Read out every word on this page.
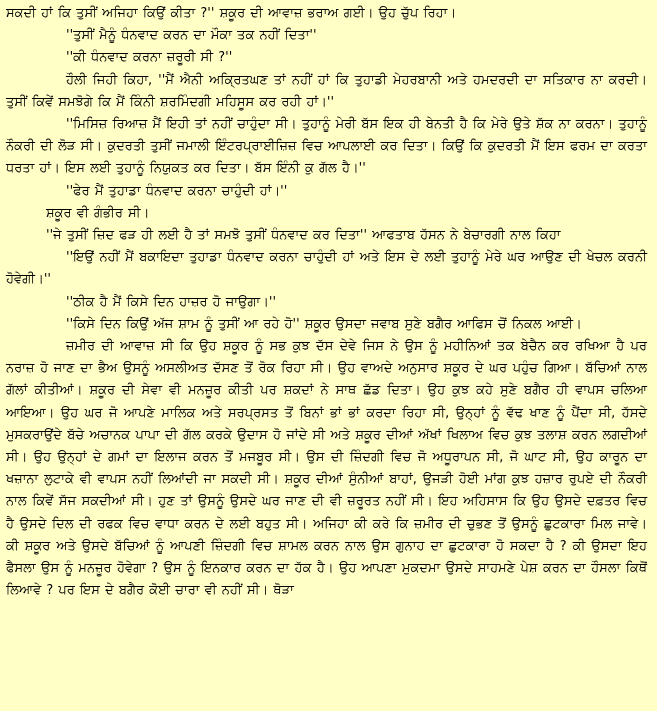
ਸਕਦੀ ਹਾਂ ਕਿ ਤੁਸੀਂ ਅਜਿਹਾ ਕਿਉਂ ਕੀਤਾ ?'' ਸ਼ਕੂਰ ਦੀ ਆਵਾਜ਼ ਭਰਾਅ ਗਈ। ਉਹ ਚੁੱਪ ਰਿਹਾ।

''ਤੁਸੀਂ ਮੈਨੂੰ ਧੰਨਵਾਦ ਕਰਨ ਦਾ ਮੌਕਾ ਤਕ ਨਹੀਂ ਦਿਤਾ''

''ਕੀ ਧੰਨਵਾਦ ਕਰਨਾ ਜ਼ਰੂਰੀ ਸੀ ?''

ਹੌਲੀ ਜਿਹੀ ਕਿਹਾ, ''ਮੈਂ ਐਨੀ ਅਕ੍ਰਿਤਘਣ ਤਾਂ ਨਹੀਂ ਹਾਂ ਕਿ ਤੁਹਾਡੀ ਮੇਹਰਬਾਨੀ ਅਤੇ ਹਮਦਰਦੀ ਦਾ ਸਤਿਕਾਰ ਨਾ ਕਰਦੀ। ਤੁਸੀਂ ਕਿਵੇਂ ਸਮਝੋਗੇ ਕਿ ਮੈਂ ਕਿੰਨੀ ਸ਼ਰਮਿੰਦਗੀ ਮਹਿਸੂਸ ਕਰ ਰਹੀ ਹਾਂ।''

''ਮਿਸਿਜ਼ ਰਿਆਜ਼ ਮੈਂ ਇਹੀ ਤਾਂ ਨਹੀਂ ਚਾਹੁੰਦਾ ਸੀ। ਤੁਹਾਨੂੰ ਮੇਰੀ ਬੱਸ ਇਕ ਹੀ ਬੇਨਤੀ ਹੈ ਕਿ ਮੇਰੇ ਉਤੇ ਸ਼ੱਕ ਨਾ ਕਰਨਾ। ਤੁਹਾਨੂੰ ਨੌਕਰੀ ਦੀ ਲੋੜ ਸੀ। ਕੁਦਰਤੀ ਤੁਸੀਂ ਜਮਾਲੀ ਇੰਟਰਪ੍ਰਾਈਜ਼ਿਜ਼ ਵਿਚ ਆਪਲਾਈ ਕਰ ਦਿਤਾ। ਕਿਉਂ ਕਿ ਕੁਦਰਤੀ ਮੈਂ ਇਸ ਫਰਮ ਦਾ ਕਰਤਾ ਧਰਤਾ ਹਾਂ। ਇਸ ਲਈ ਤੁਹਾਨੂੰ ਨਿਯੁਕਤ ਕਰ ਦਿਤਾ। ਬੱਸ ਇੰਨੀ ਕੁ ਗੱਲ ਹੈ।''

''ਫੇਰ ਮੈਂ ਤੁਹਾਡਾ ਧੰਨਵਾਦ ਕਰਨਾ ਚਾਹੁੰਦੀ ਹਾਂ।''

ਸ਼ਕੂਰ ਵੀ ਗੰਭੀਰ ਸੀ।

''ਜੇ ਤੁਸੀਂ ਜ਼ਿਦ ਫੜ ਹੀ ਲਈ ਹੈ ਤਾਂ ਸਮਝੋ ਤੁਸੀਂ ਧੰਨਵਾਦ ਕਰ ਦਿਤਾ'' ਆਫਤਾਬ ਹੱਸਨ ਨੇ ਬੇਚਾਰਗੀ ਨਾਲ ਕਿਹਾ

''ਇਉਂ ਨਹੀਂ ਮੈਂ ਬਕਾਇਦਾ ਤੁਹਾਡਾ ਧੰਨਵਾਦ ਕਰਨਾ ਚਾਹੁੰਦੀ ਹਾਂ ਅਤੇ ਇਸ ਦੇ ਲਈ ਤੁਹਾਨੂੰ ਮੇਰੇ ਘਰ ਆਉਣ ਦੀ ਖੇਚਲ ਕਰਨੀ ਹੋਵੇਗੀ।''

''ਠੀਕ ਹੈ ਮੈਂ ਕਿਸੇ ਦਿਨ ਹਾਜ਼ਰ ਹੋ ਜਾਉਗਾ।''

''ਕਿਸੇ ਦਿਨ ਕਿਉਂ ਅੱਜ ਸ਼ਾਮ ਨੂੰ ਤੁਸੀਂ ਆ ਰਹੇ ਹੋ'' ਸ਼ਕੂਰ ਉਸਦਾ ਜਵਾਬ ਸੁਣੇ ਬਗੈਰ ਆਫਿਸ ਚੋਂ ਨਿਕਲ ਆਈ।

ਜ਼ਮੀਰ ਦੀ ਆਵਾਜ਼ ਸੀ ਕਿ ਉਹ ਸ਼ਕੂਰ ਨੂੰ ਸਭ ਕੁਝ ਦੱਸ ਦੇਵੇ ਜਿਸ ਨੇ ਉਸ ਨੂੰ ਮਹੀਨਿਆਂ ਤਕ ਬੇਚੈਨ ਕਰ ਰਖਿਆ ਹੈ ਪਰ ਨਰਾਜ਼ ਹੋ ਜਾਣ ਦਾ ਭੈਅ ਉਸਨੂੰ ਅਸਲੀਅਤ ਦੱਸਣ ਤੋਂ ਰੋਕ ਰਿਹਾ ਸੀ। ਉਹ ਵਾਅਦੇ ਅਨੁਸਾਰ ਸ਼ਕੂਰ ਦੇ ਘਰ ਪਹੁੰਚ ਗਿਆ। ਬੱਚਿਆਂ ਨਾਲ ਗੱਲਾਂ ਕੀਤੀਆਂ। ਸ਼ਕੂਰ ਦੀ ਸੇਵਾ ਵੀ ਮਨਜ਼ੂਰ ਕੀਤੀ ਪਰ ਸ਼ਕਦਾਂ ਨੇ ਸਾਥ ਛੱਡ ਦਿਤਾ। ਉਹ ਕੁਝ ਕਹੇ ਸੁਣੇ ਬਗੈਰ ਹੀ ਵਾਪਸ ਚਲਿਆ ਆਇਆ। ਉਹ ਘਰ ਜੋ ਆਪਣੇ ਮਾਲਿਕ ਅਤੇ ਸਰਪ੍ਰਸਤ ਤੋਂ ਬਿਨਾਂ ਭਾਂ ਭਾਂ ਕਰਦਾ ਰਿਹਾ ਸੀ, ਉਨ੍ਹਾਂ ਨੂੰ ਵੱਢ ਖਾਣ ਨੂੰ ਪੈਂਦਾ ਸੀ, ਹੱਸਦੇ ਮੁਸਕਰਾਉਂਦੇ ਬੱਚੇ ਅਚਾਨਕ ਪਾਪਾ ਦੀ ਗੱਲ ਕਰਕੇ ਉਦਾਸ ਹੋ ਜਾਂਦੇ ਸੀ ਅਤੇ ਸ਼ਕੂਰ ਦੀਆਂ ਅੱਖਾਂ ਖਿਲਾਅ ਵਿਚ ਕੁਝ ਤਲਾਸ਼ ਕਰਨ ਲਗਦੀਆਂ ਸੀ। ਉਹ ਉਨ੍ਹਾਂ ਦੇ ਗਮਾਂ ਦਾ ਇਲਾਜ ਕਰਨ ਤੋਂ ਮਜਬੂਰ ਸੀ। ਉਸ ਦੀ ਜ਼ਿੰਦਗੀ ਵਿਚ ਜੋ ਅਧੂਰਾਪਨ ਸੀ, ਜੋ ਘਾਟ ਸੀ, ਉਹ ਕਾਰੂਨ ਦਾ ਖਜ਼ਾਨਾ ਲੁਟਾਕੇ ਵੀ ਵਾਪਸ ਨਹੀਂ ਲਿਆਂਦੀ ਜਾ ਸਕਦੀ ਸੀ। ਸ਼ਕੂਰ ਦੀਆਂ ਸੁੰਨੀਆਂ ਬਾਹਾਂ, ਉਜੜੀ ਹੋਈ ਮਾਂਗ ਕੁਝ ਹਜ਼ਾਰ ਰੁਪਏ ਦੀ ਨੌਕਰੀ ਨਾਲ ਕਿਵੇਂ ਸੱਜ ਸਕਦੀਆਂ ਸੀ। ਹੁਣ ਤਾਂ ਉਸਨੂੰ ਉਸਦੇ ਘਰ ਜਾਣ ਦੀ ਵੀ ਜ਼ਰੂਰਤ ਨਹੀਂ ਸੀ। ਇਹ ਅਹਿਸਾਸ ਕਿ ਉਹ ਉਸਦੇ ਦਫ਼ਤਰ ਵਿਚ ਹੈ ਉਸਦੇ ਦਿਲ ਦੀ ਰਫਕ ਵਿਚ ਵਾਧਾ ਕਰਨ ਦੇ ਲਈ ਬਹੁਤ ਸੀ। ਅਜਿਹਾ ਕੀ ਕਰੇ ਕਿ ਜ਼ਮੀਰ ਦੀ ਚੁਭਣ ਤੋਂ ਉਸਨੂੰ ਛੁਟਕਾਰਾ ਮਿਲ ਜਾਵੇ। ਕੀ ਸ਼ਕੂਰ ਅਤੇ ਉਸਦੇ ਬੱਚਿਆਂ ਨੂੰ ਆਪਣੀ ਜ਼ਿੰਦਗੀ ਵਿਚ ਸ਼ਾਮਲ ਕਰਨ ਨਾਲ ਉਸ ਗੁਨਾਹ ਦਾ ਛੁਟਕਾਰਾ ਹੋ ਸਕਦਾ ਹੈ ? ਕੀ ਉਸਦਾ ਇਹ ਫੈਸਲਾ ਉਸ ਨੂੰ ਮਨਜ਼ੂਰ ਹੋਵੇਗਾ ? ਉਸ ਨੂੰ ਇਨਕਾਰ ਕਰਨ ਦਾ ਹੱਕ ਹੈ। ਉਹ ਆਪਣਾ ਮੁਕਦਮਾ ਉਸਦੇ ਸਾਹਮਣੇ ਪੇਸ਼ ਕਰਨ ਦਾ ਹੌਸਲਾ ਕਿਥੋਂ ਲਿਆਵੇ ? ਪਰ ਇਸ ਦੇ ਬਗੈਰ ਕੋਈ ਚਾਰਾ ਵੀ ਨਹੀਂ ਸੀ। ਥੋੜਾ
